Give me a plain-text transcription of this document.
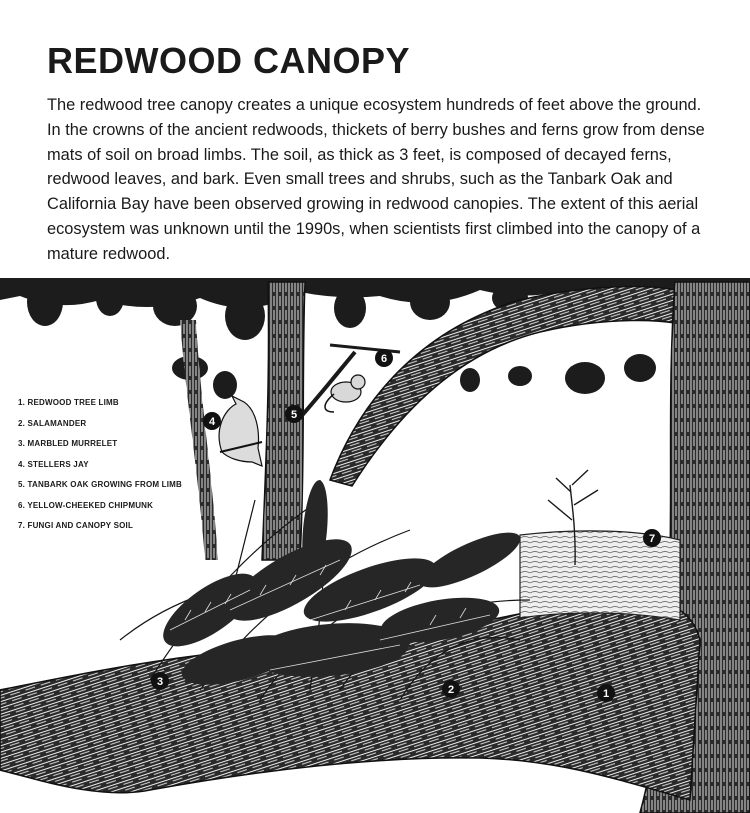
REDWOOD CANOPY

The redwood tree canopy creates a unique ecosystem hundreds of feet above the ground. In the crowns of the ancient redwoods, thickets of berry bushes and ferns grow from dense mats of soil on broad limbs. The soil, as thick as 3 feet, is composed of decayed ferns, redwood leaves, and bark. Even small trees and shrubs, such as the Tanbark Oak and California Bay have been observed growing in redwood canopies. The extent of this aerial ecosystem was unknown until the 1990s, when scientists first climbed into the canopy of a mature redwood.

1
2
3
4
5
6
7
1. REDWOOD TREE LIMB
2. SALAMANDER
3. MARBLED MURRELET
4. STELLERS JAY
5. TANBARK OAK GROWING FROM LIMB
6. YELLOW-CHEEKED CHIPMUNK
7. FUNGI AND CANOPY SOIL
